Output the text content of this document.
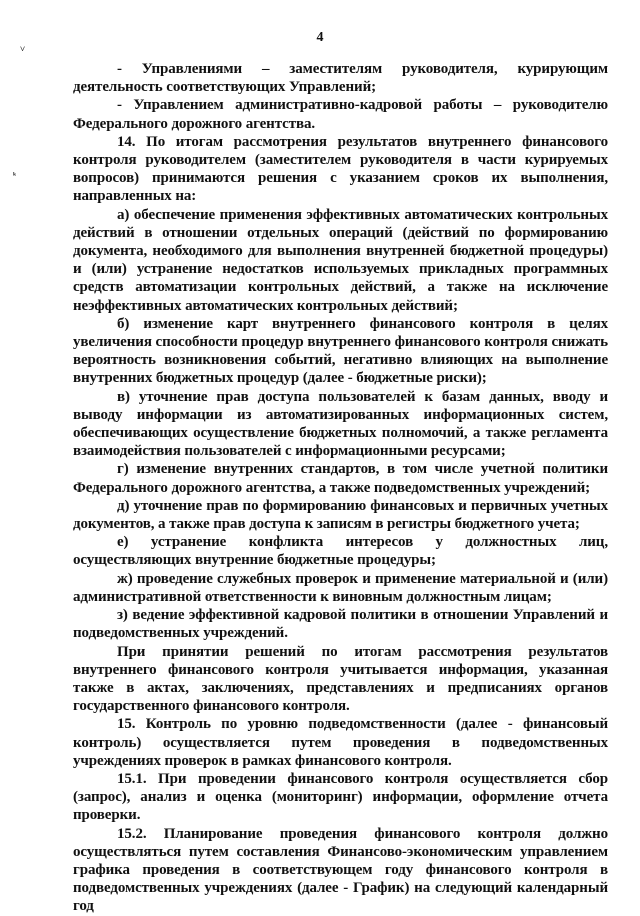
4
˅
ᵏ

- Управлениями – заместителям руководителя, курирующим деятельность соответствующих Управлений;

- Управлением административно-кадровой работы – руководителю Федерального дорожного агентства.

14. По итогам рассмотрения результатов внутреннего финансового контроля руководителем (заместителем руководителя в части курируемых вопросов) принимаются решения с указанием сроков их выполнения, направленных на:

а) обеспечение применения эффективных автоматических контрольных действий в отношении отдельных операций (действий по формированию документа, необходимого для выполнения внутренней бюджетной процедуры) и (или) устранение недостатков используемых прикладных программных средств автоматизации контрольных действий, а также на исключение неэффективных автоматических контрольных действий;

б) изменение карт внутреннего финансового контроля в целях увеличения способности процедур внутреннего финансового контроля снижать вероятность возникновения событий, негативно влияющих на выполнение внутренних бюджетных процедур (далее - бюджетные риски);

в) уточнение прав доступа пользователей к базам данных, вводу и выводу информации из автоматизированных информационных систем, обеспечивающих осуществление бюджетных полномочий, а также регламента взаимодействия пользователей с информационными ресурсами;

г) изменение внутренних стандартов, в том числе учетной политики Федерального дорожного агентства, а также подведомственных учреждений;

д) уточнение прав по формированию финансовых и первичных учетных документов, а также прав доступа к записям в регистры бюджетного учета;

е) устранение конфликта интересов у должностных лиц, осуществляющих внутренние бюджетные процедуры;

ж) проведение служебных проверок и применение материальной и (или) административной ответственности к виновным должностным лицам;

з) ведение эффективной кадровой политики в отношении Управлений и подведомственных учреждений.

При принятии решений по итогам рассмотрения результатов внутреннего финансового контроля учитывается информация, указанная также в актах, заключениях, представлениях и предписаниях органов государственного финансового контроля.

15. Контроль по уровню подведомственности (далее - финансовый контроль) осуществляется путем проведения в подведомственных учреждениях проверок в рамках финансового контроля.

15.1. При проведении финансового контроля осуществляется сбор (запрос), анализ и оценка (мониторинг) информации, оформление отчета проверки.

15.2. Планирование проведения финансового контроля должно осуществляться путем составления Финансово-экономическим управлением графика проведения в соответствующем году финансового контроля в подведомственных учреждениях (далее - График) на следующий календарный год
